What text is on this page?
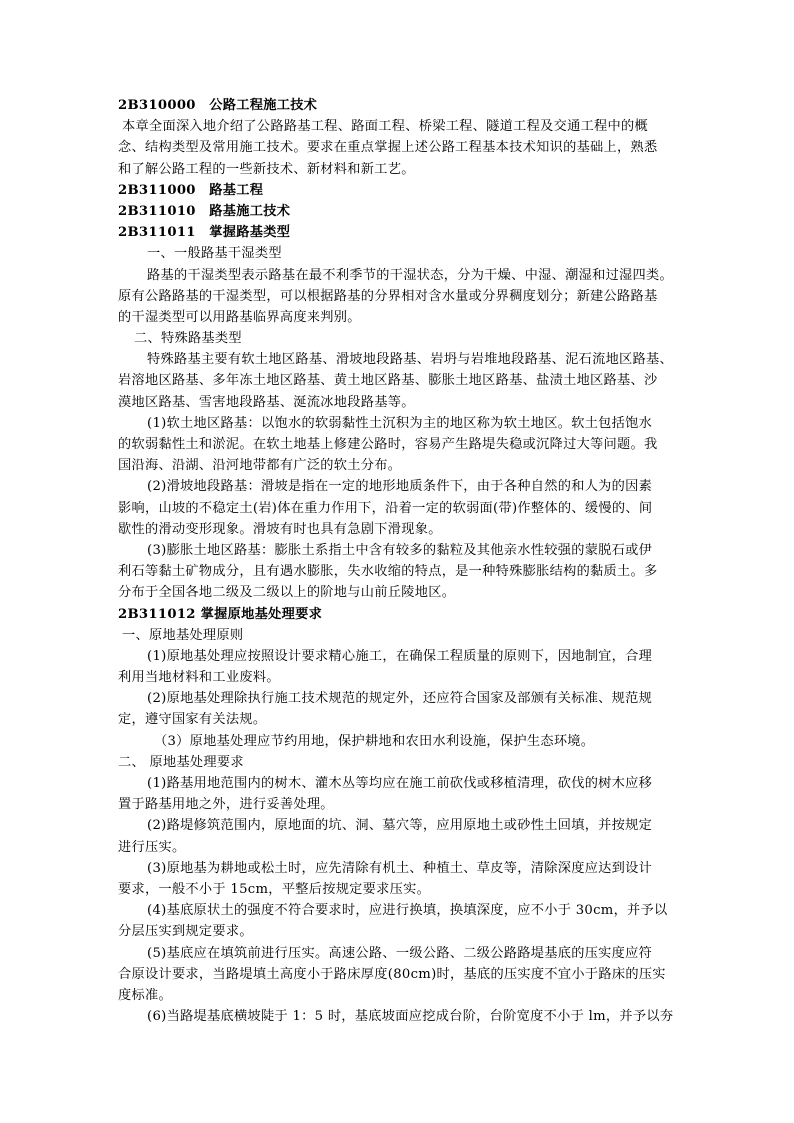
2B310000　公路工程施工技术
本章全面深入地介绍了公路路基工程、路面工程、桥梁工程、隧道工程及交通工程中的概
念、结构类型及常用施工技术。要求在重点掌握上述公路工程基本技术知识的基础上，熟悉
和了解公路工程的一些新技术、新材料和新工艺。
2B311000　路基工程
2B311010　路基施工技术
2B311011　掌握路基类型
一、一般路基干湿类型
路基的干湿类型表示路基在最不利季节的干湿状态，分为干燥、中湿、潮湿和过湿四类。
原有公路路基的干湿类型，可以根据路基的分界相对含水量或分界稠度划分；新建公路路基
的干湿类型可以用路基临界高度来判别。
二、特殊路基类型
特殊路基主要有软土地区路基、滑坡地段路基、岩坍与岩堆地段路基、泥石流地区路基、
岩溶地区路基、多年冻土地区路基、黄土地区路基、膨胀土地区路基、盐渍土地区路基、沙
漠地区路基、雪害地段路基、涎流冰地段路基等。
(1)软土地区路基：以饱水的软弱黏性土沉积为主的地区称为软土地区。软土包括饱水
的软弱黏性土和淤泥。在软土地基上修建公路时，容易产生路堤失稳或沉降过大等问题。我
国沿海、沿湖、沿河地带都有广泛的软土分布。
(2)滑坡地段路基：滑坡是指在一定的地形地质条件下，由于各种自然的和人为的因素
影响，山坡的不稳定土(岩)体在重力作用下，沿着一定的软弱面(带)作整体的、缓慢的、间
歇性的滑动变形现象。滑坡有时也具有急剧下滑现象。
(3)膨胀土地区路基：膨胀土系指土中含有较多的黏粒及其他亲水性较强的蒙脱石或伊
利石等黏土矿物成分，且有遇水膨胀，失水收缩的特点，是一种特殊膨胀结构的黏质土。多
分布于全国各地二级及二级以上的阶地与山前丘陵地区。
2B311012 掌握原地基处理要求
一、原地基处理原则
(1)原地基处理应按照设计要求精心施工，在确保工程质量的原则下，因地制宜，合理
利用当地材料和工业废料。
(2)原地基处理除执行施工技术规范的规定外，还应符合国家及部颁有关标准、规范规
定，遵守国家有关法规。
（3）原地基处理应节约用地，保护耕地和农田水利设施，保护生态环境。
二、 原地基处理要求
(1)路基用地范围内的树木、灌木丛等均应在施工前砍伐或移植清理，砍伐的树木应移
置于路基用地之外，进行妥善处理。
(2)路堤修筑范围内，原地面的坑、洞、墓穴等，应用原地土或砂性土回填，并按规定
进行压实。
(3)原地基为耕地或松土时，应先清除有机土、种植土、草皮等，清除深度应达到设计
要求，一般不小于 15cm，平整后按规定要求压实。
(4)基底原状土的强度不符合要求时，应进行换填，换填深度，应不小于 30cm，并予以
分层压实到规定要求。
(5)基底应在填筑前进行压实。高速公路、一级公路、二级公路路堤基底的压实度应符
合原设计要求，当路堤填土高度小于路床厚度(80cm)时，基底的压实度不宜小于路床的压实
度标准。
(6)当路堤基底横坡陡于 1：5 时，基底坡面应挖成台阶，台阶宽度不小于 lm，并予以夯
